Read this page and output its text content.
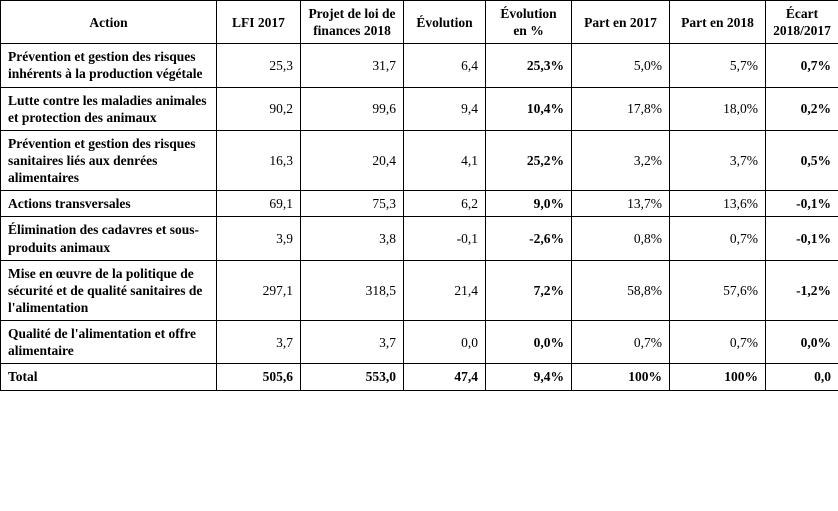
Action	LFI 2017	Projet de loi de finances 2018	Évolution	Évolution en %	Part en 2017	Part en 2018	Écart 2018/2017
Prévention et gestion des risques inhérents à la production végétale	25,3	31,7	6,4	25,3%	5,0%	5,7%	0,7%
Lutte contre les maladies animales et protection des animaux	90,2	99,6	9,4	10,4%	17,8%	18,0%	0,2%
Prévention et gestion des risques sanitaires liés aux denrées alimentaires	16,3	20,4	4,1	25,2%	3,2%	3,7%	0,5%
Actions transversales	69,1	75,3	6,2	9,0%	13,7%	13,6%	-0,1%
Élimination des cadavres et sous-produits animaux	3,9	3,8	-0,1	-2,6%	0,8%	0,7%	-0,1%
Mise en œuvre de la politique de sécurité et de qualité sanitaires de l'alimentation	297,1	318,5	21,4	7,2%	58,8%	57,6%	-1,2%
Qualité de l'alimentation et offre alimentaire	3,7	3,7	0,0	0,0%	0,7%	0,7%	0,0%
Total	505,6	553,0	47,4	9,4%	100%	100%	0,0
